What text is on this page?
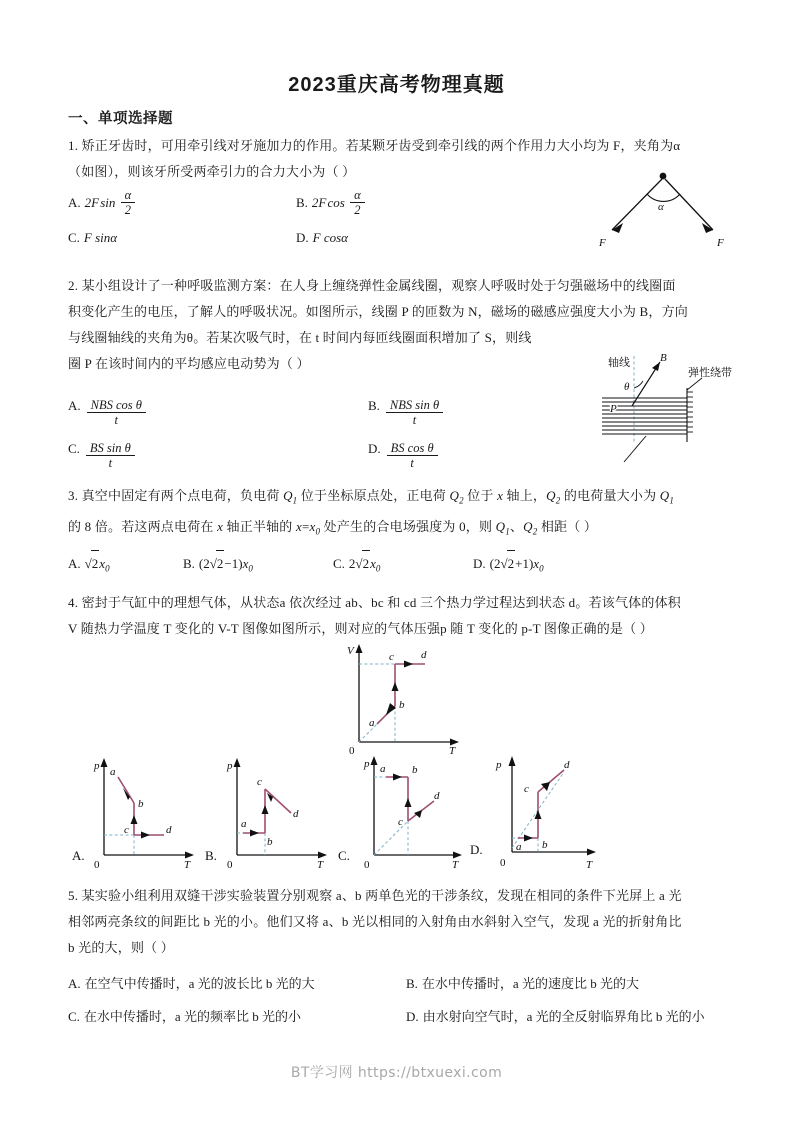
2023重庆高考物理真题
一、单项选择题
1. 矫正牙齿时，可用牵引线对牙施加力的作用。若某颗牙齿受到牵引线的两个作用力大小均为 F，夹角为α
（如图），则该牙所受两牵引力的合力大小为（ ）
A. 2F $\sin \frac{\alpha}{2}$	B. 2F $\cos \frac{\alpha}{2}$
C. F sinα	D. F cosα
α
F	F
2. 某小组设计了一种呼吸监测方案：在人身上缠绕弹性金属线圈，观察人呼吸时处于匀强磁场中的线圈面
积变化产生的电压，了解人的呼吸状况。如图所示，线圈 P 的匝数为 N，磁场的磁感应强度大小为 B，方向
与线圈轴线的夹角为θ。若某次吸气时，在 t 时间内每匝线圈面积增加了 S，则线
圈 P 在该时间内的平均感应电动势为（ ）
A. $\frac{\text{NBS cos θ}}{t}$	B. $\frac{\text{NBS sin θ}}{t}$
C. $\frac{\text{BS sin θ}}{t}$	D. $\frac{\text{BS cos θ}}{t}$
轴线	B
θ
P
弹性绕带
3. 真空中固定有两个点电荷，负电荷 $Q_1$ 位于坐标原点处，正电荷 $Q_2$ 位于 x 轴上，$Q_2$ 的电荷量大小为 $Q_1$
的 8 倍。若这两点电荷在 x 轴正半轴的 $x=x_0$ 处产生的合电场强度为 0，则 $Q_1$、$Q_2$ 相距（ ）
A. $√2x_0$	B. $(2√2-1)x_0$	C. $2√2x_0$	D. $(2√2+1)x_0$
4. 密封于气缸中的理想气体，从状态a 依次经过 ab、bc 和 cd 三个热力学过程达到状态 d。若该气体的体积
V 随热力学温度 T 变化的 V-T 图像如图所示，则对应的气体压强p 随 T 变化的 p-T 图像正确的是（ ）
V
T
0
a
b
c d
A.
p
T
0
a
b
c	d
B.
p
T
0
a
b
c
d
C.
p
T
0
a b
c
d
D.
p
T
0
a b
c
d
5. 某实验小组利用双缝干涉实验装置分别观察 a、b 两单色光的干涉条纹，发现在相同的条件下光屏上 a 光
相邻两亮条纹的间距比 b 光的小。他们又将 a、b 光以相同的入射角由水斜射入空气，发现 a 光的折射角比
b 光的大，则（ ）
A. 在空气中传播时，a 光的波长比 b 光的大	B. 在水中传播时，a 光的速度比 b 光的大
C. 在水中传播时，a 光的频率比 b 光的小	D. 由水射向空气时，a 光的全反射临界角比 b 光的小
BT学习网 https://btxuexi.com
